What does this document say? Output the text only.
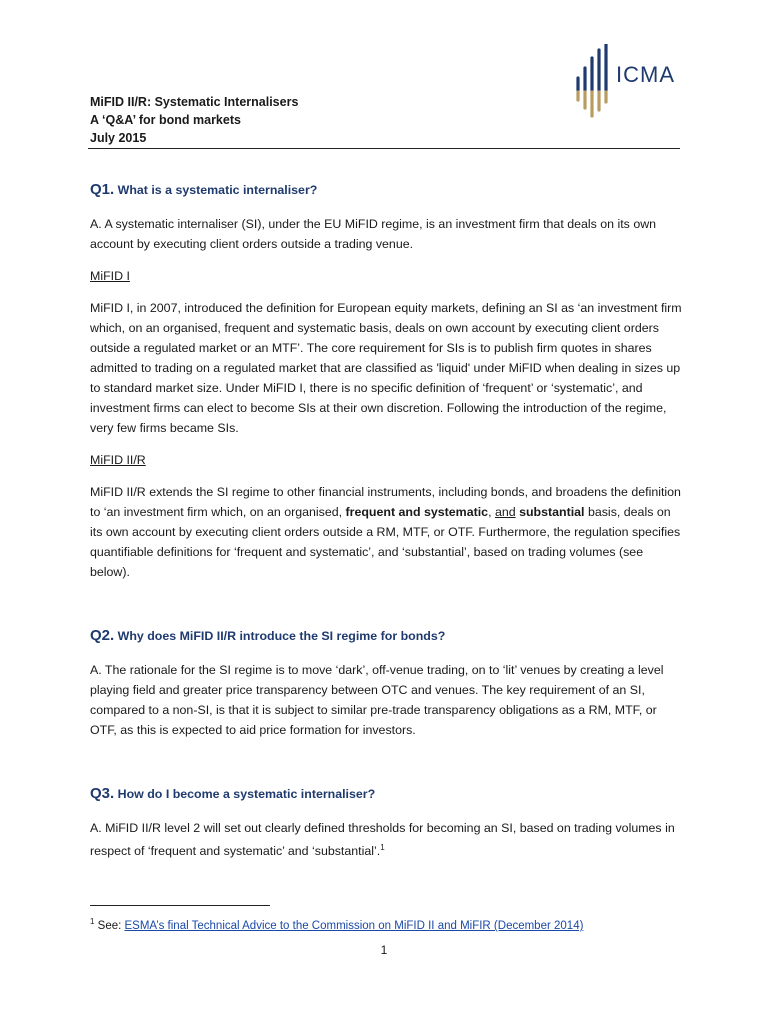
ICMA
MiFID II/R: Systematic Internalisers
A ‘Q&A’ for bond markets
July 2015
Q1. What is a systematic internaliser?

A. A systematic internaliser (SI), under the EU MiFID regime, is an investment firm that deals on its own account by executing client orders outside a trading venue.

MiFID I

MiFID I, in 2007, introduced the definition for European equity markets, defining an SI as ‘an investment firm which, on an organised, frequent and systematic basis, deals on own account by executing client orders outside a regulated market or an MTF’. The core requirement for SIs is to publish firm quotes in shares admitted to trading on a regulated market that are classified as 'liquid' under MiFID when dealing in sizes up to standard market size. Under MiFID I, there is no specific definition of ‘frequent’ or ‘systematic’, and investment firms can elect to become SIs at their own discretion. Following the introduction of the regime, very few firms became SIs.

MiFID II/R

MiFID II/R extends the SI regime to other financial instruments, including bonds, and broadens the definition to ‘an investment firm which, on an organised, frequent and systematic, and substantial basis, deals on its own account by executing client orders outside a RM, MTF, or OTF. Furthermore, the regulation specifies quantifiable definitions for ‘frequent and systematic’, and ‘substantial’, based on trading volumes (see below).

Q2. Why does MiFID II/R introduce the SI regime for bonds?

A. The rationale for the SI regime is to move ‘dark’, off-venue trading, on to ‘lit’ venues by creating a level playing field and greater price transparency between OTC and venues. The key requirement of an SI, compared to a non-SI, is that it is subject to similar pre-trade transparency obligations as a RM, MTF, or OTF, as this is expected to aid price formation for investors.

Q3. How do I become a systematic internaliser?

A. MiFID II/R level 2 will set out clearly defined thresholds for becoming an SI, based on trading volumes in respect of ‘frequent and systematic’ and ‘substantial’.$^1$

$^1$ See: ESMA’s final Technical Advice to the Commission on MiFID II and MiFIR (December 2014)
1
